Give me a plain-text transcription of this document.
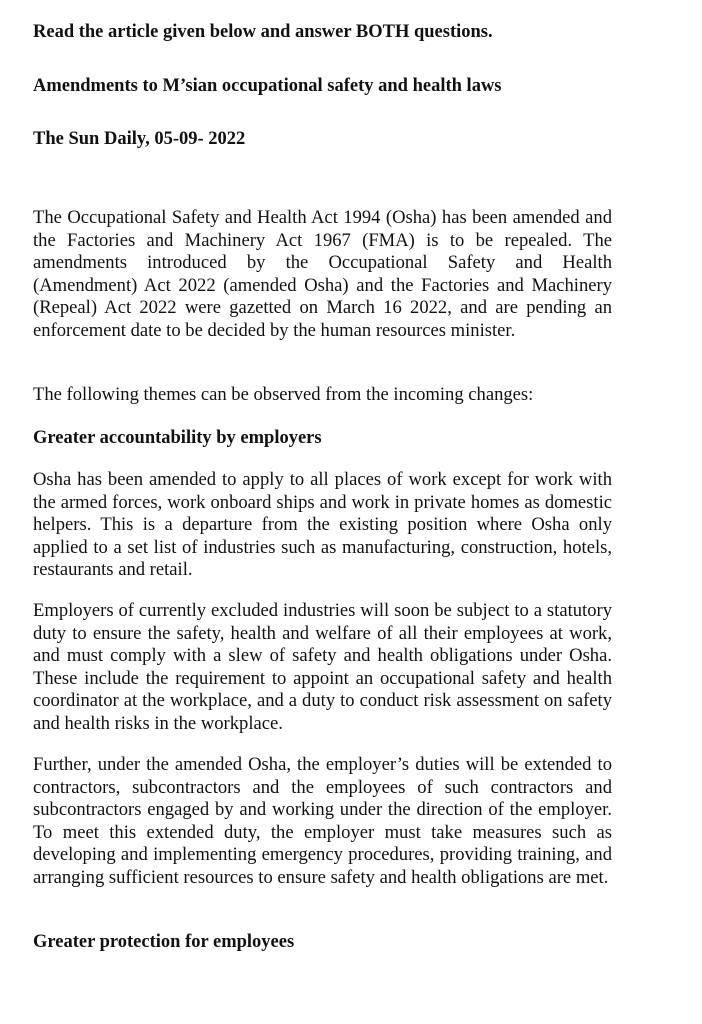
Read the article given below and answer BOTH questions.
Amendments to M’sian occupational safety and health laws
The Sun Daily, 05-09- 2022

The Occupational Safety and Health Act 1994 (Osha) has been amended and the Factories and Machinery Act 1967 (FMA) is to be repealed. The amendments introduced by the Occupational Safety and Health (Amendment) Act 2022 (amended Osha) and the Factories and Machinery (Repeal) Act 2022 were gazetted on March 16 2022, and are pending an enforcement date to be decided by the human resources minister.

The following themes can be observed from the incoming changes:
Greater accountability by employers

Osha has been amended to apply to all places of work except for work with the armed forces, work onboard ships and work in private homes as domestic helpers. This is a departure from the existing position where Osha only applied to a set list of industries such as manufacturing, construction, hotels, restaurants and retail.

Employers of currently excluded industries will soon be subject to a statutory duty to ensure the safety, health and welfare of all their employees at work, and must comply with a slew of safety and health obligations under Osha. These include the requirement to appoint an occupational safety and health coordinator at the workplace, and a duty to conduct risk assessment on safety and health risks in the workplace.

Further, under the amended Osha, the employer’s duties will be extended to contractors, subcontractors and the employees of such contractors and subcontractors engaged by and working under the direction of the employer. To meet this extended duty, the employer must take measures such as developing and implementing emergency procedures, providing training, and arranging sufficient resources to ensure safety and health obligations are met.

Greater protection for employees
